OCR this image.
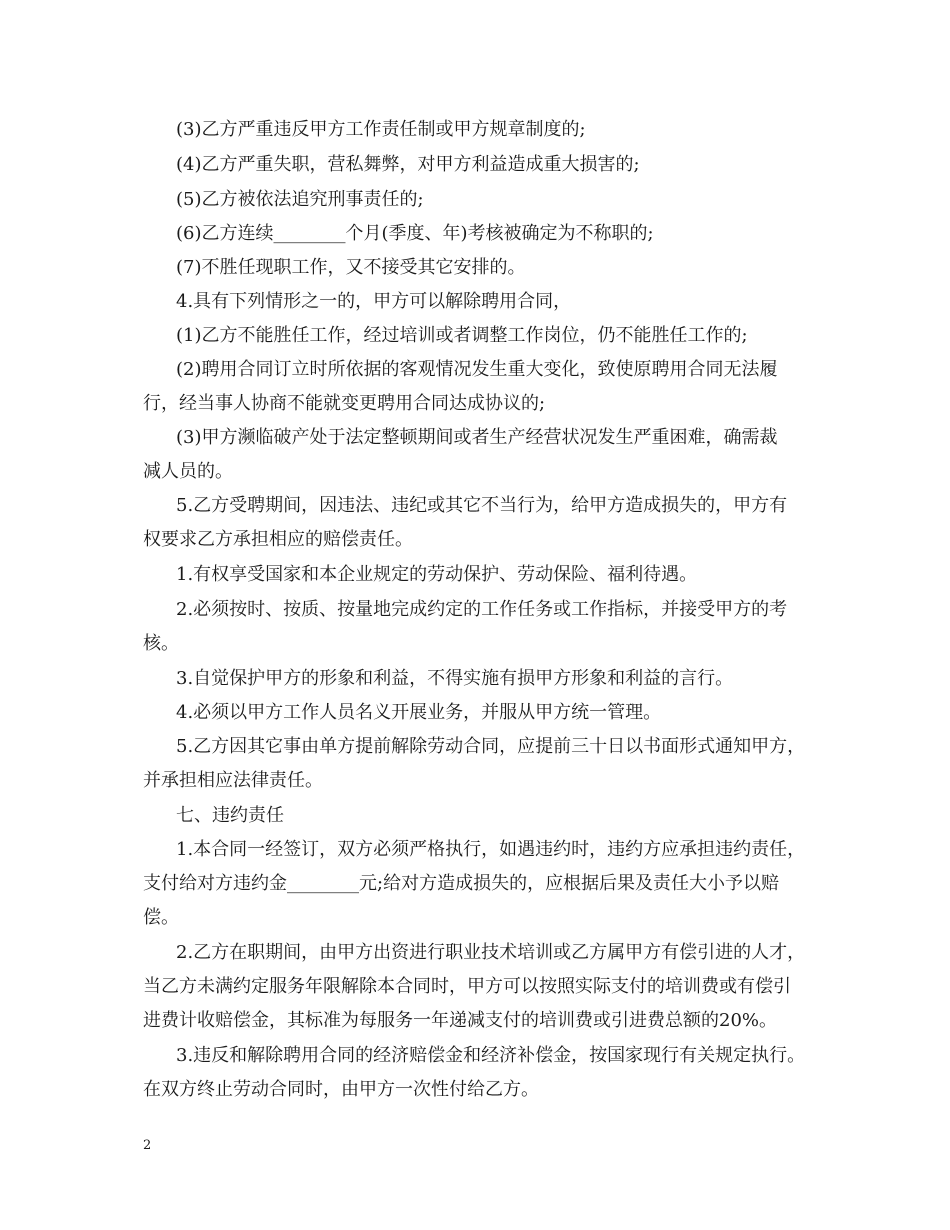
(3)乙方严重违反甲方工作责任制或甲方规章制度的;
(4)乙方严重失职，营私舞弊，对甲方利益造成重大损害的;
(5)乙方被依法追究刑事责任的;
(6)乙方连续________个月(季度、年)考核被确定为不称职的;
(7)不胜任现职工作，又不接受其它安排的。
4.具有下列情形之一的，甲方可以解除聘用合同，
(1)乙方不能胜任工作，经过培训或者调整工作岗位，仍不能胜任工作的;
(2)聘用合同订立时所依据的客观情况发生重大变化，致使原聘用合同无法履
行，经当事人协商不能就变更聘用合同达成协议的;
(3)甲方濒临破产处于法定整顿期间或者生产经营状况发生严重困难，确需裁
减人员的。
5.乙方受聘期间，因违法、违纪或其它不当行为，给甲方造成损失的，甲方有
权要求乙方承担相应的赔偿责任。
1.有权享受国家和本企业规定的劳动保护、劳动保险、福利待遇。
2.必须按时、按质、按量地完成约定的工作任务或工作指标，并接受甲方的考
核。
3.自觉保护甲方的形象和利益，不得实施有损甲方形象和利益的言行。
4.必须以甲方工作人员名义开展业务，并服从甲方统一管理。
5.乙方因其它事由单方提前解除劳动合同，应提前三十日以书面形式通知甲方，
并承担相应法律责任。
七、违约责任
1.本合同一经签订，双方必须严格执行，如遇违约时，违约方应承担违约责任，
支付给对方违约金________元;给对方造成损失的，应根据后果及责任大小予以赔
偿。
2.乙方在职期间，由甲方出资进行职业技术培训或乙方属甲方有偿引进的人才，
当乙方未满约定服务年限解除本合同时，甲方可以按照实际支付的培训费或有偿引
进费计收赔偿金，其标准为每服务一年递减支付的培训费或引进费总额的20%。
3.违反和解除聘用合同的经济赔偿金和经济补偿金，按国家现行有关规定执行。
在双方终止劳动合同时，由甲方一次性付给乙方。
2
